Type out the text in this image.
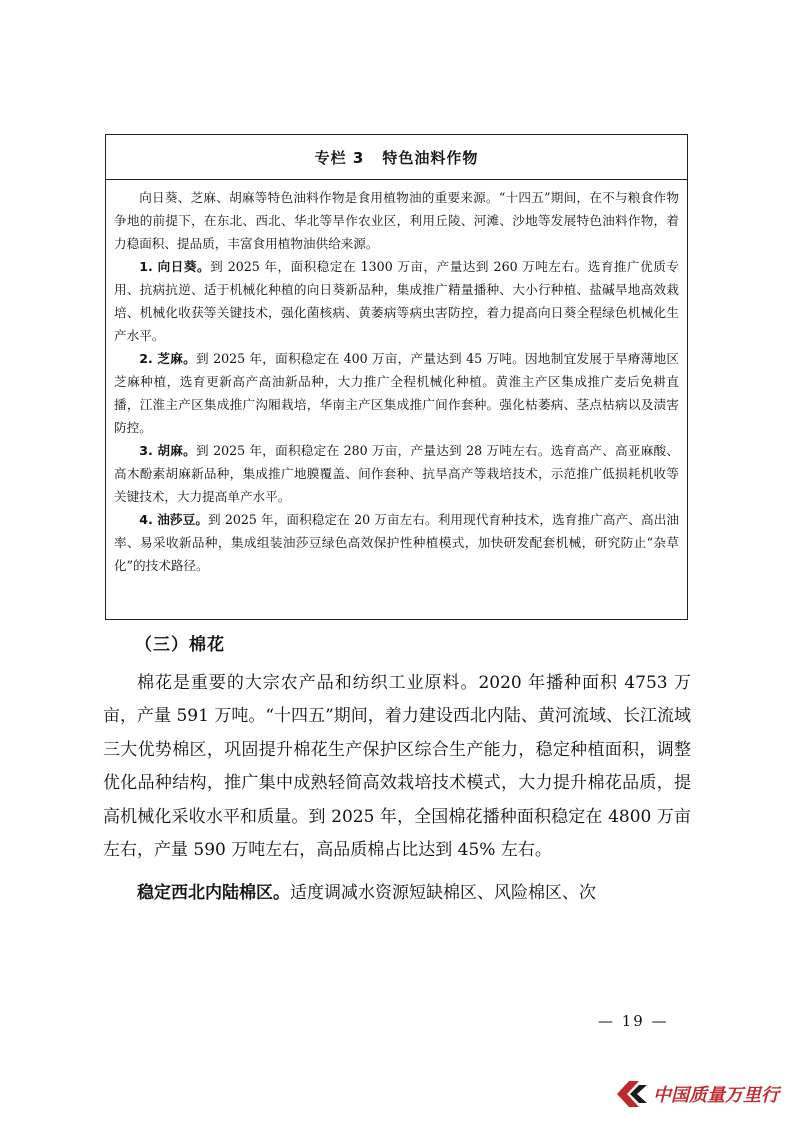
专栏 3 特色油料作物

向日葵、芝麻、胡麻等特色油料作物是食用植物油的重要来源。“十四五”期间，在不与粮食作物争地的前提下，在东北、西北、华北等旱作农业区，利用丘陵、河滩、沙地等发展特色油料作物，着力稳面积、提品质，丰富食用植物油供给来源。

1. 向日葵。到 2025 年，面积稳定在 1300 万亩，产量达到 260 万吨左右。选育推广优质专用、抗病抗逆、适于机械化种植的向日葵新品种，集成推广精量播种、大小行种植、盐碱旱地高效栽培、机械化收获等关键技术，强化菌核病、黄萎病等病虫害防控，着力提高向日葵全程绿色机械化生产水平。

2. 芝麻。到 2025 年，面积稳定在 400 万亩，产量达到 45 万吨。因地制宜发展于旱瘠薄地区芝麻种植，选育更新高产高油新品种，大力推广全程机械化种植。黄淮主产区集成推广麦后免耕直播，江淮主产区集成推广沟厢栽培，华南主产区集成推广间作套种。强化枯萎病、茎点枯病以及渍害防控。

3. 胡麻。到 2025 年，面积稳定在 280 万亩，产量达到 28 万吨左右。选育高产、高亚麻酸、高木酚素胡麻新品种，集成推广地膜覆盖、间作套种、抗旱高产等栽培技术，示范推广低损耗机收等关键技术，大力提高单产水平。

4. 油莎豆。到 2025 年，面积稳定在 20 万亩左右。利用现代育种技术，选育推广高产、高出油率、易采收新品种，集成组装油莎豆绿色高效保护性种植模式，加快研发配套机械，研究防止“杂草化”的技术路径。

（三）棉花

棉花是重要的大宗农产品和纺织工业原料。2020 年播种面积 4753 万亩，产量 591 万吨。“十四五”期间，着力建设西北内陆、黄河流域、长江流域三大优势棉区，巩固提升棉花生产保护区综合生产能力，稳定种植面积，调整优化品种结构，推广集中成熟轻简高效栽培技术模式，大力提升棉花品质，提高机械化采收水平和质量。到 2025 年，全国棉花播种面积稳定在 4800 万亩左右，产量 590 万吨左右，高品质棉占比达到 45% 左右。

稳定西北内陆棉区。适度调减水资源短缺棉区、风险棉区、次

— 19 —
中国质量万里行
